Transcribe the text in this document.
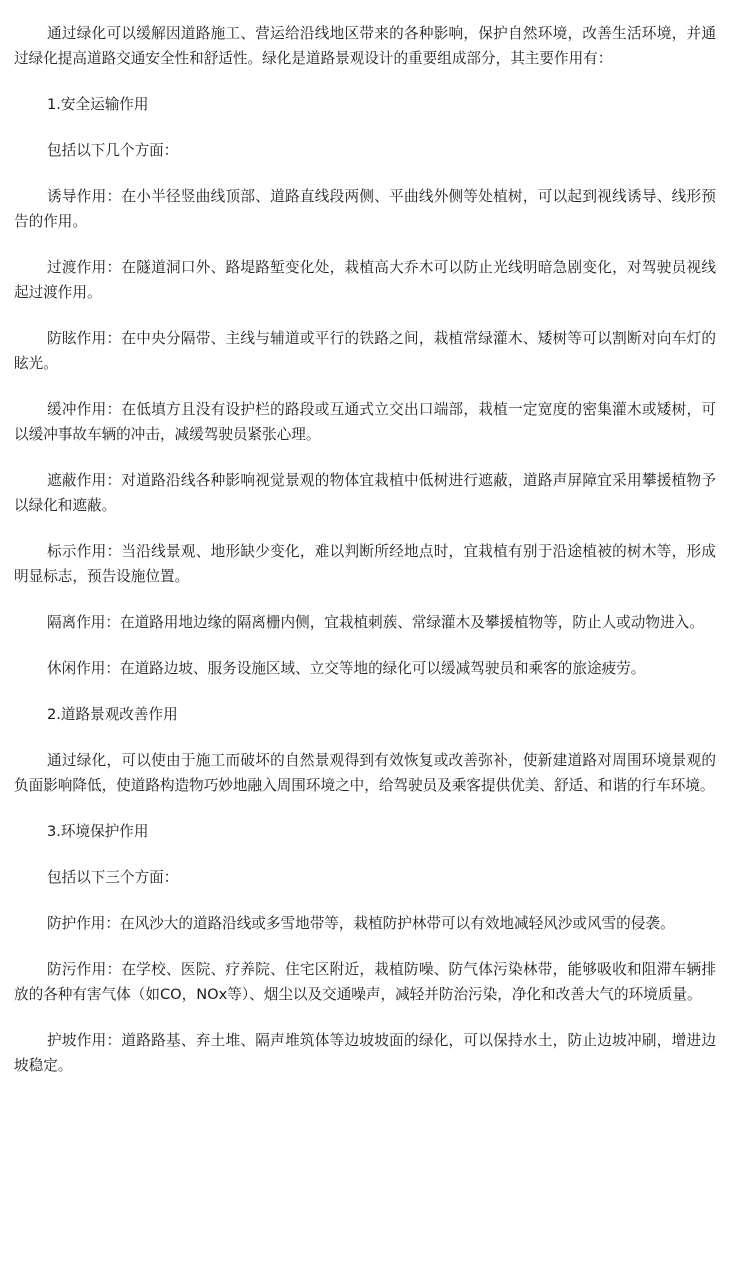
通过绿化可以缓解因道路施工、营运给沿线地区带来的各种影响，保护自然环境，改善生活环境，并通过绿化提高道路交通安全性和舒适性。绿化是道路景观设计的重要组成部分，其主要作用有：

1.安全运输作用

包括以下几个方面：

诱导作用：在小半径竖曲线顶部、道路直线段两侧、平曲线外侧等处植树，可以起到视线诱导、线形预告的作用。

过渡作用：在隧道洞口外、路堤路堑变化处，栽植高大乔木可以防止光线明暗急剧变化，对驾驶员视线起过渡作用。

防眩作用：在中央分隔带、主线与辅道或平行的铁路之间，栽植常绿灌木、矮树等可以割断对向车灯的眩光。

缓冲作用：在低填方且没有设护栏的路段或互通式立交出口端部，栽植一定宽度的密集灌木或矮树，可以缓冲事故车辆的冲击，减缓驾驶员紧张心理。

遮蔽作用：对道路沿线各种影响视觉景观的物体宜栽植中低树进行遮蔽，道路声屏障宜采用攀援植物予以绿化和遮蔽。

标示作用：当沿线景观、地形缺少变化，难以判断所经地点时，宜栽植有别于沿途植被的树木等，形成明显标志，预告设施位置。

隔离作用：在道路用地边缘的隔离栅内侧，宜栽植刺蔟、常绿灌木及攀援植物等，防止人或动物进入。

休闲作用：在道路边坡、服务设施区域、立交等地的绿化可以缓减驾驶员和乘客的旅途疲劳。

2.道路景观改善作用

通过绿化，可以使由于施工而破坏的自然景观得到有效恢复或改善弥补，使新建道路对周围环境景观的负面影响降低，使道路构造物巧妙地融入周围环境之中，给驾驶员及乘客提供优美、舒适、和谐的行车环境。

3.环境保护作用

包括以下三个方面：

防护作用：在风沙大的道路沿线或多雪地带等，栽植防护林带可以有效地减轻风沙或风雪的侵袭。

防污作用：在学校、医院、疗养院、住宅区附近，栽植防噪、防气体污染林带，能够吸收和阻滞车辆排放的各种有害气体（如CO，NOx等）、烟尘以及交通噪声，减轻并防治污染，净化和改善大气的环境质量。

护坡作用：道路路基、弃土堆、隔声堆筑体等边坡坡面的绿化，可以保持水土，防止边坡冲刷，增进边坡稳定。
